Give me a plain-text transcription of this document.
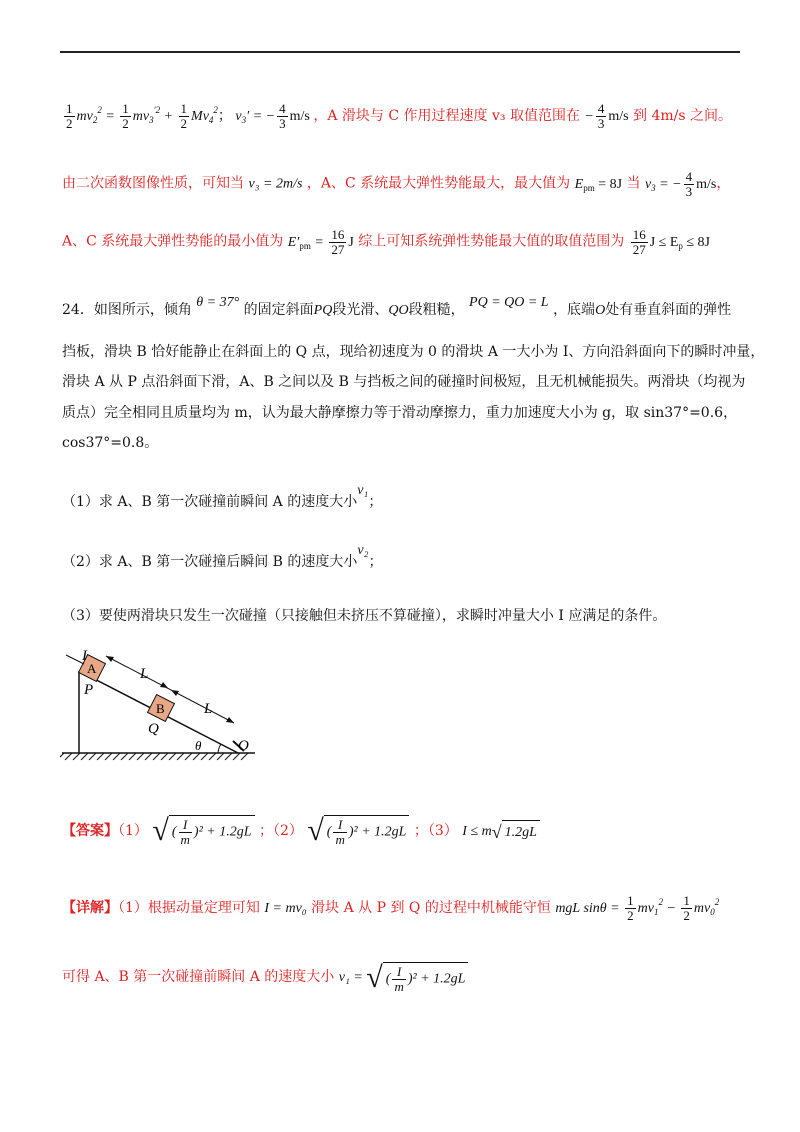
$\frac{1}{2} mv_2^2 = \frac{1}{2} mv_3^{'2} + \frac{1}{2} Mv_4^2$； $v_3'$ = − $\frac{4}{3} m/s$ ，A 滑块与 C 作用过程速度 v₃ 取值范围在 − $\frac{4}{3} m/s$ 到 4m/s 之间。
由二次函数图像性质，可知当 v₃ = 2m/s ，A、C 系统最大弹性势能最大，最大值为 $E_{pm} = 8J$ 当 $v_3$ = − $\frac{4}{3} m/s$，
A、C 系统最大弹性势能的最小值为 $E'_{pm} = \frac{16}{27}$ J 综上可知系统弹性势能最大值的取值范围为 $\frac{16}{27}$ $J \le E_p \le 8J$
24．如图所示，倾角 θ = 37° 的固定斜面PQ段光滑、QO段粗糙， PQ = QO = L ，底端O处有垂直斜面的弹性
挡板，滑块 B 恰好能静止在斜面上的 Q 点，现给初速度为 0 的滑块 A 一大小为 I、方向沿斜面向下的瞬时冲量，
滑块 A 从 P 点沿斜面下滑，A、B 之间以及 B 与挡板之间的碰撞时间极短，且无机械能损失。两滑块（均视为
质点）完全相同且质量均为 m，认为最大静摩擦力等于滑动摩擦力，重力加速度大小为 g，取 sin37°=0.6，
cos37°=0.8。
（1）求 A、B 第一次碰撞前瞬间 A 的速度大小v₁；
（2）求 A、B 第一次碰撞后瞬间 B 的速度大小v₂；
（3）要使两滑块只发生一次碰撞（只接触但未挤压不算碰撞），求瞬时冲量大小 I 应满足的条件。
I
A
P
B
Q
L
L
θ O
【答案】（1） √ ( $\frac{I}{m} )^2 + 1.2gL$ ；（2） √ ( $\frac{I}{m} )^2 + 1.2gL$ ；（3） I ≤ m√ 1.2gL
【详解】（1）根据动量定理可知 I = mv₀ 滑块 A 从 P 到 Q 的过程中机械能守恒 mgL $\sin\theta = \frac{1}{2} mv_1^2 - \frac{1}{2} mv_0^2$
可得 A、B 第一次碰撞前瞬间 A 的速度大小 v₁ = √ ( $\frac{I}{m} )^2 + 1.2gL$
